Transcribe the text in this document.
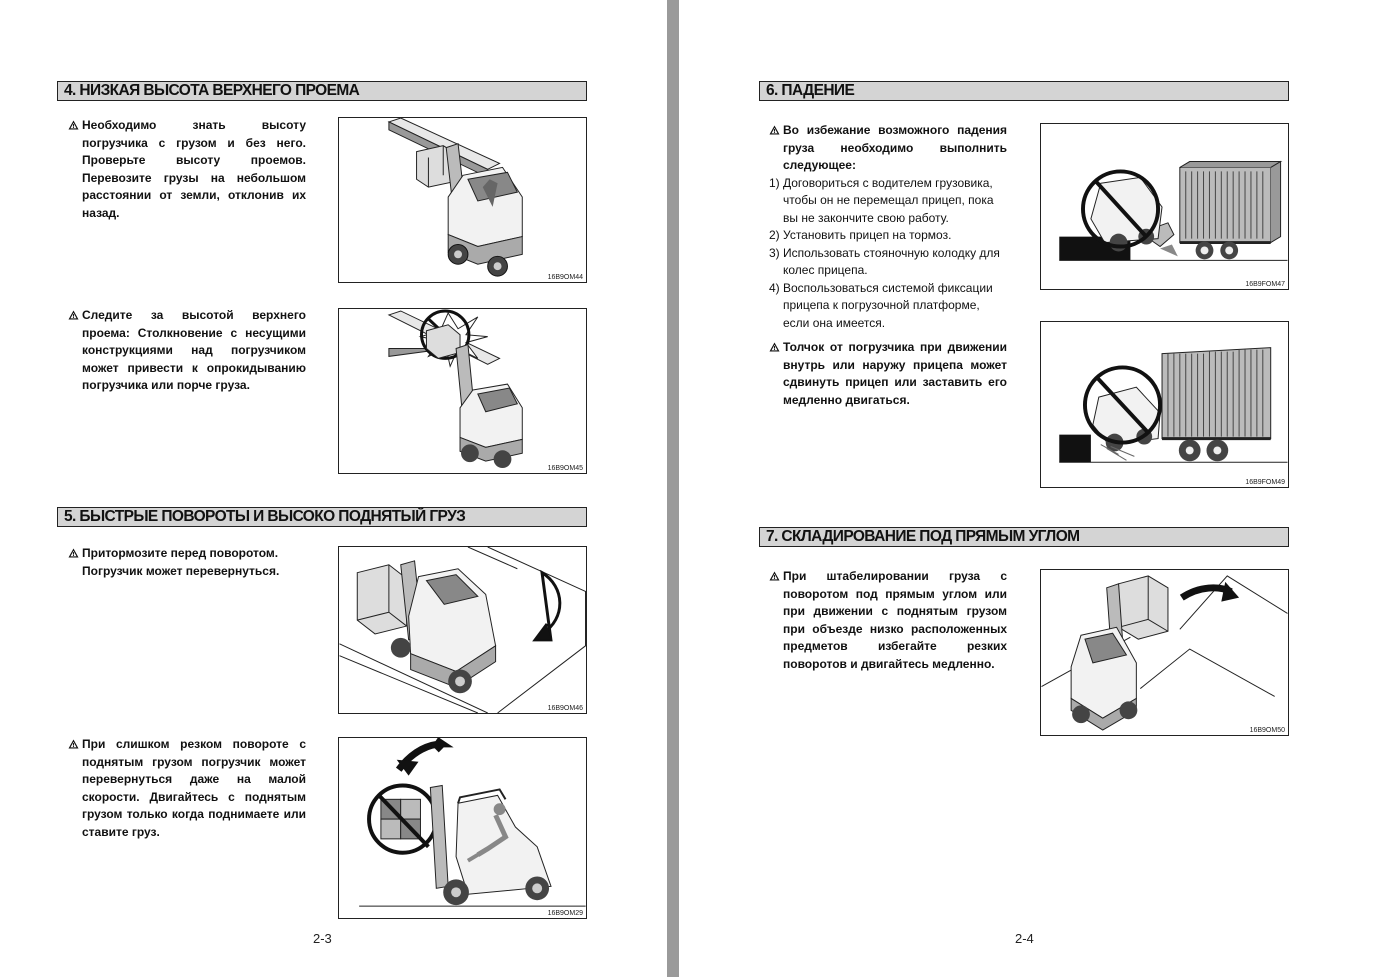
4. НИЗКАЯ ВЫСОТА ВЕРХНЕГО ПРОЕМА
Необходимо знать высоту погрузчика с грузом и без него. Проверьте высоту проемов. Перевозите грузы на небольшом расстоянии от земли, отклонив их назад.
16B9OM44
Следите за высотой верхнего проема: Столкновение с несущими конструкциями над погрузчиком может привести к опрокидыванию погрузчика или порче груза.
16B9OM45
5. БЫСТРЫЕ ПОВОРОТЫ И ВЫСОКО ПОДНЯТЫЙ ГРУЗ
Притормозите перед поворотом. Погрузчик может перевернуться.
16B9OM46
При слишком резком повороте с поднятым грузом погрузчик может перевернуться даже на малой скорости. Двигайтесь с поднятым грузом только когда поднимаете или ставите груз.
16B9OM29
2-3
6. ПАДЕНИЕ
Во избежание возможного падения груза необходимо выполнить следующее:
1) Договориться с водителем грузовика, чтобы он не перемещал прицеп, пока вы не закончите свою работу.
2) Установить прицеп на тормоз.
3) Использовать стояночную колодку для колес прицепа.
4) Воспользоваться системой фиксации прицепа к погрузочной платформе, если она имеется.
Толчок от погрузчика при движении внутрь или наружу прицепа может сдвинуть прицеп или заставить его медленно двигаться.
16B9FOM47
16B9FOM49
7. СКЛАДИРОВАНИЕ ПОД ПРЯМЫМ УГЛОМ
При штабелировании груза с поворотом под прямым углом или при движении с поднятым грузом при объезде низко расположенных предметов избегайте резких поворотов и двигайтесь медленно.
16B9OM50
2-4
